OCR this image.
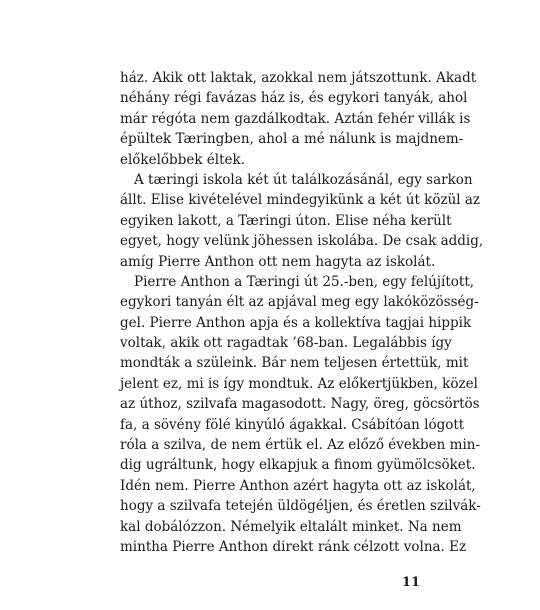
ház. Akik ott laktak, azokkal nem játszottunk. Akadt
néhány régi favázas ház is, és egykori tanyák, ahol
már régóta nem gazdálkodtak. Aztán fehér villák is
épültek Tæringben, ahol a mé nálunk is majdnem-
előkelőbbek éltek.
A tæringi iskola két út találkozásánál, egy sarkon
állt. Elise kivételével mindegyikünk a két út közül az
egyiken lakott, a Tæringi úton. Elise néha került
egyet, hogy velünk jöhessen iskolába. De csak addig,
amíg Pierre Anthon ott nem hagyta az iskolát.
Pierre Anthon a Tæringi út 25.-ben, egy felújított,
egykori tanyán élt az apjával meg egy lakóközösség-
gel. Pierre Anthon apja és a kollektíva tagjai hippik
voltak, akik ott ragadtak ’68-ban. Legalábbis így
mondták a szüleink. Bár nem teljesen értettük, mit
jelent ez, mi is így mondtuk. Az előkertjükben, közel
az úthoz, szilvafa magasodott. Nagy, öreg, göcsörtös
fa, a sövény fölé kinyúló ágakkal. Csábítóan lógott
róla a szilva, de nem értük el. Az előző években min-
dig ugráltunk, hogy elkapjuk a finom gyümölcsöket.
Idén nem. Pierre Anthon azért hagyta ott az iskolát,
hogy a szilvafa tetején üldögéljen, és éretlen szilvák-
kal dobálózzon. Némelyik eltalált minket. Na nem
mintha Pierre Anthon direkt ránk célzott volna. Ez
11
